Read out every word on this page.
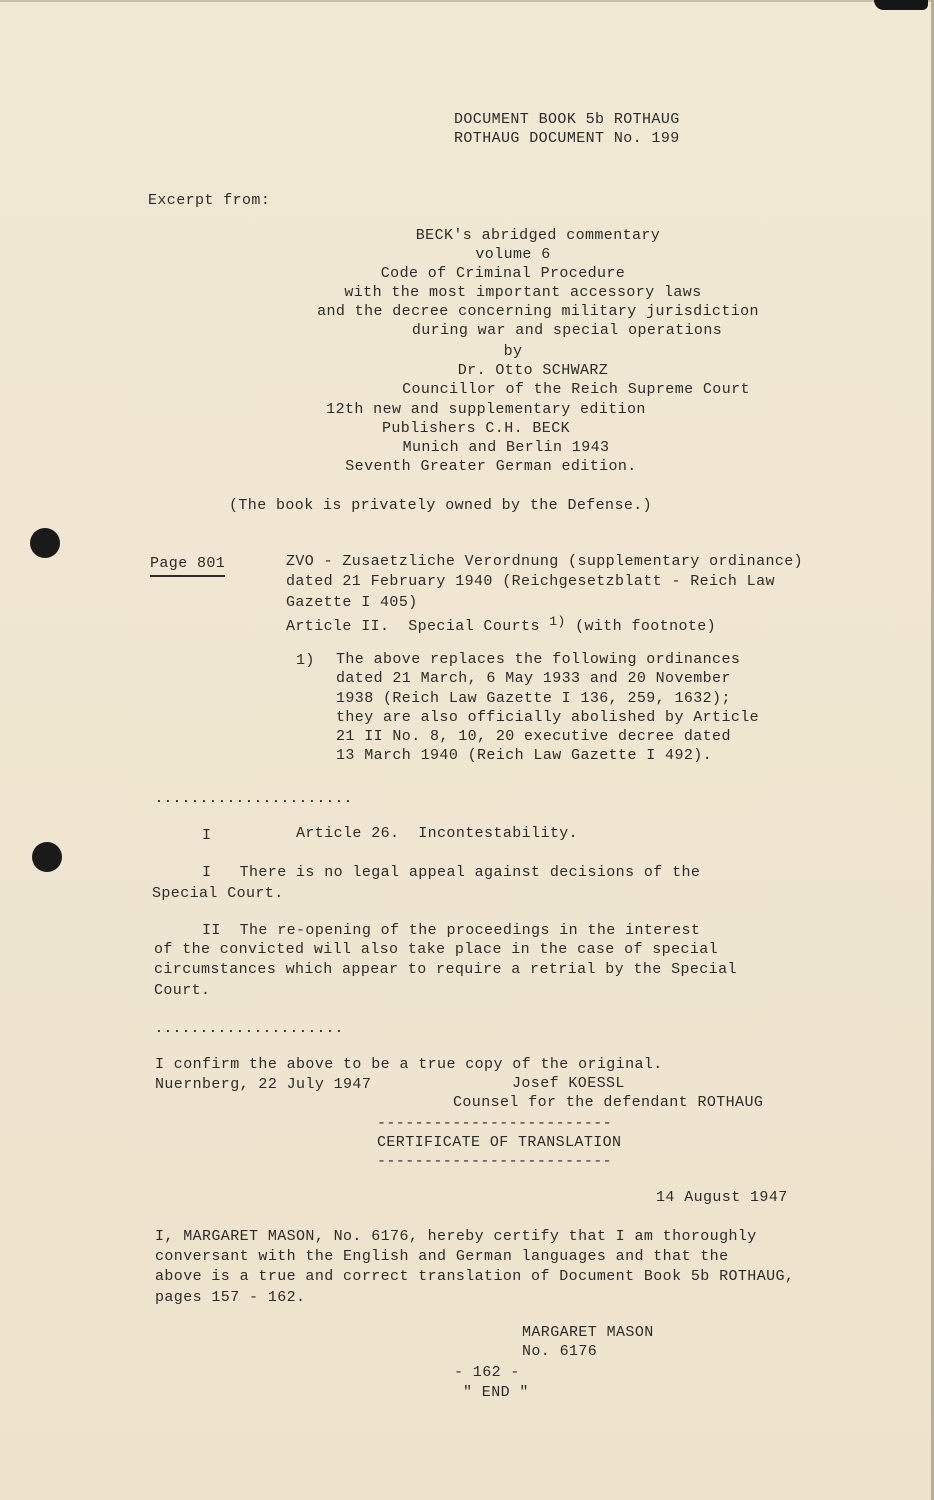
DOCUMENT BOOK 5b ROTHAUG
ROTHAUG DOCUMENT No. 199
Excerpt from:
BECK's abridged commentary
volume 6
Code of Criminal Procedure
with the most important accessory laws
and the decree concerning military jurisdiction
during war and special operations
by
Dr. Otto SCHWARZ
Councillor of the Reich Supreme Court
12th new and supplementary edition
Publishers C.H. BECK
Munich and Berlin 1943
Seventh Greater German edition.
(The book is privately owned by the Defense.)
Page 801	ZVO - Zusaetzliche Verordnung (supplementary ordinance)
dated 21 February 1940 (Reichgesetzblatt - Reich Law
Gazette I 405)
Article II.  Special Courts $^{1)}$ (with footnote)
1) The above replaces the following ordinances
dated 21 March, 6 May 1933 and 20 November
1938 (Reich Law Gazette I 136, 259, 1632);
they are also officially abolished by Article
21 II No. 8, 10, 20 executive decree dated
13 March 1940 (Reich Law Gazette I 492).
......................
I	Article 26.  Incontestability.
I   There is no legal appeal against decisions of the
Special Court.
II  The re-opening of the proceedings in the interest
of the convicted will also take place in the case of special
circumstances which appear to require a retrial by the Special
Court.
.....................
I confirm the above to be a true copy of the original.
Nuernberg, 22 July 1947	Josef KOESSL
Counsel for the defendant ROTHAUG
-------------------------
CERTIFICATE OF TRANSLATION
-------------------------
14 August 1947
I, MARGARET MASON, No. 6176, hereby certify that I am thoroughly
conversant with the English and German languages and that the
above is a true and correct translation of Document Book 5b ROTHAUG,
pages 157 - 162.
MARGARET MASON
No. 6176
- 162 -
" END "
